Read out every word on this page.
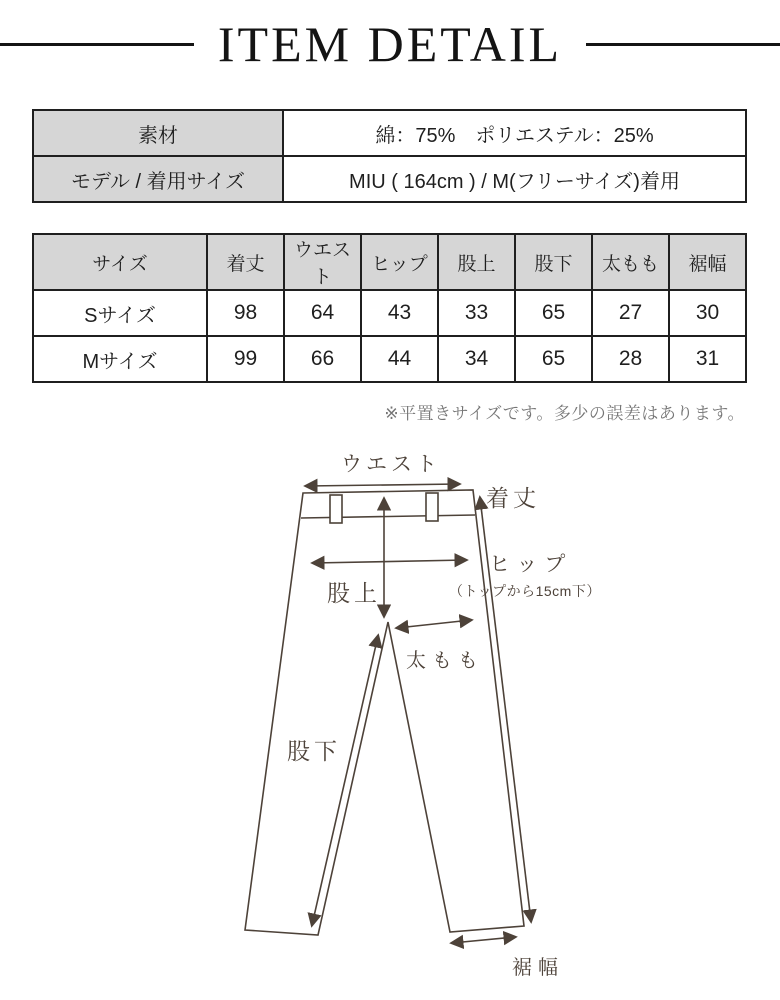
ITEM DETAIL
素材	綿：75%　ポリエステル：25%
モデル / 着用サイズ	MIU ( 164cm ) / M(フリーサイズ)着用
サイズ	着丈	ウエスト	ヒップ	股上	股下	太もも	裾幅
Sサイズ	98	64	43	33	65	27	30
Mサイズ	99	66	44	34	65	28	31
※平置きサイズです。多少の誤差はあります。
ウエスト
着丈
ヒップ
（トップから15cm下）
股上
太もも
股下
裾幅
